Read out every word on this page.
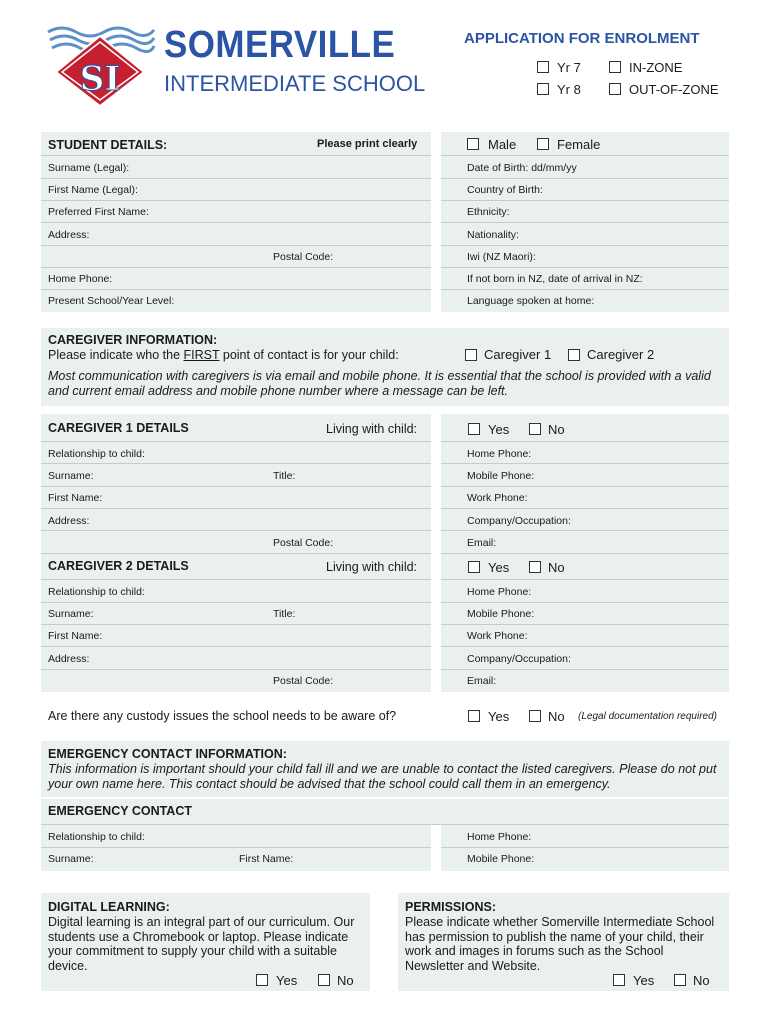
SI
SOMERVILLE
INTERMEDIATE SCHOOL
APPLICATION FOR ENROLMENT
Yr 7	IN-ZONE
Yr 8	OUT-OF-ZONE
STUDENT DETAILS:	Please print clearly	Male	Female
Surname (Legal):
First Name (Legal):
Preferred First Name:
Address:
Postal Code:
Home Phone:
Present School/Year Level:
Date of Birth: dd/mm/yy
Country of Birth:
Ethnicity:
Nationality:
Iwi (NZ Maori):
If not born in NZ, date of arrival in NZ:
Language spoken at home:
CAREGIVER INFORMATION:
Please indicate who the FIRST point of contact is for your child:	Caregiver 1	Caregiver 2
Most communication with caregivers is via email and mobile phone. It is essential that the school is provided with a valid and current email address and mobile phone number where a message can be left.
CAREGIVER 1 DETAILS	Living with child:	Yes	No
Relationship to child:
Surname:	Title:
First Name:
Address:
Postal Code:
Home Phone:
Mobile Phone:
Work Phone:
Company/Occupation:
Email:
CAREGIVER 2 DETAILS	Living with child:	Yes	No
Relationship to child:
Surname:	Title:
First Name:
Address:
Postal Code:
Home Phone:
Mobile Phone:
Work Phone:
Company/Occupation:
Email:
Are there any custody issues the school needs to be aware of?	Yes	No (Legal documentation required)
EMERGENCY CONTACT INFORMATION:
This information is important should your child fall ill and we are unable to contact the listed caregivers. Please do not put your own name here. This contact should be advised that the school could call them in an emergency.
EMERGENCY CONTACT
Relationship to child:
Surname:	First Name:
Home Phone:
Mobile Phone:
DIGITAL LEARNING:
Digital learning is an integral part of our curriculum. Our students use a Chromebook or laptop. Please indicate your commitment to supply your child with a suitable device.
Yes	No
PERMISSIONS:
Please indicate whether Somerville Intermediate School has permission to publish the name of your child, their work and images in forums such as the School Newsletter and Website.
Yes	No
